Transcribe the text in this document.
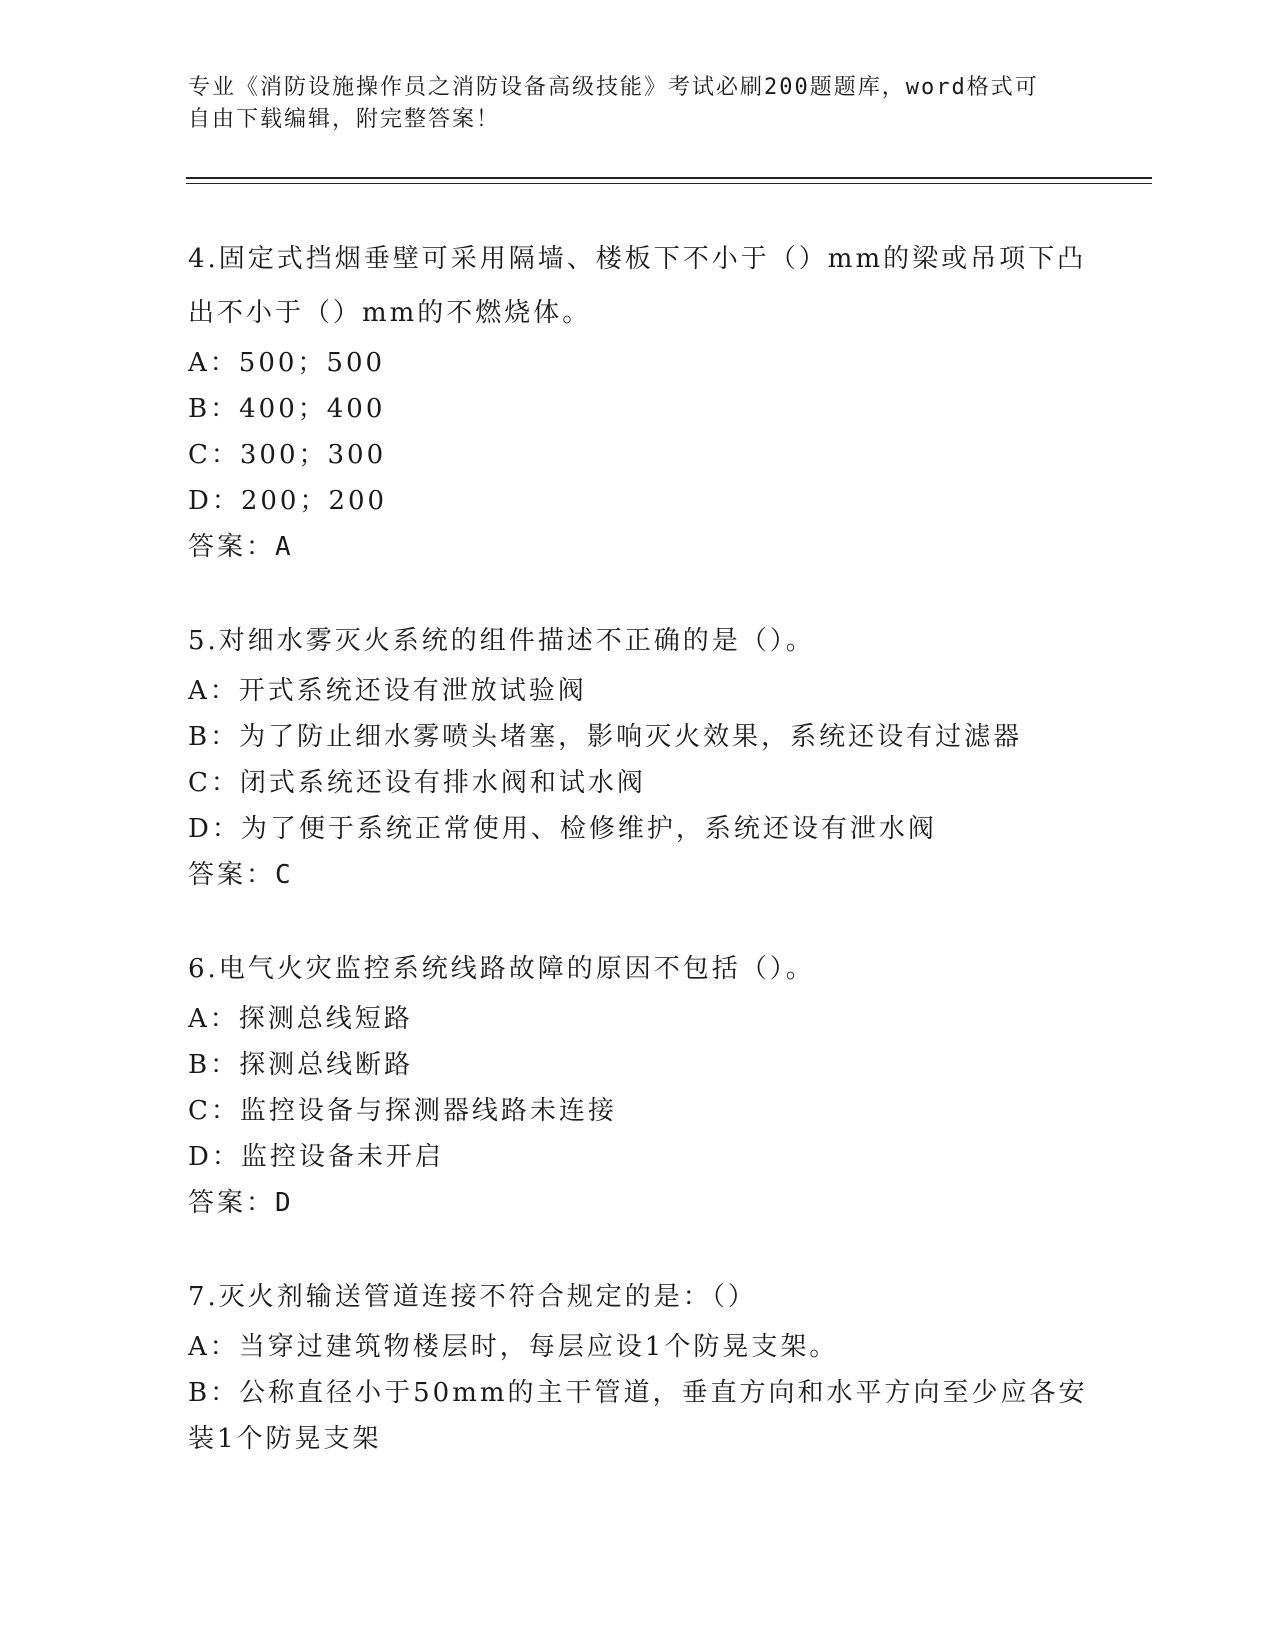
专业《消防设施操作员之消防设备高级技能》考试必刷200题题库，word格式可
自由下载编辑，附完整答案！
4.固定式挡烟垂壁可采用隔墙、楼板下不小于（）mm的梁或吊项下凸
出不小于（）mm的不燃烧体。
A：500；500
B：400；400
C：300；300
D：200；200
答案：A
5.对细水雾灭火系统的组件描述不正确的是（）。
A：开式系统还设有泄放试验阀
B：为了防止细水雾喷头堵塞，影响灭火效果，系统还设有过滤器
C：闭式系统还设有排水阀和试水阀
D：为了便于系统正常使用、检修维护，系统还设有泄水阀
答案：C
6.电气火灾监控系统线路故障的原因不包括（）。
A：探测总线短路
B：探测总线断路
C：监控设备与探测器线路未连接
D：监控设备未开启
答案：D
7.灭火剂输送管道连接不符合规定的是：（）
A：当穿过建筑物楼层时，每层应设1个防晃支架。
B：公称直径小于50mm的主干管道，垂直方向和水平方向至少应各安
装1个防晃支架
